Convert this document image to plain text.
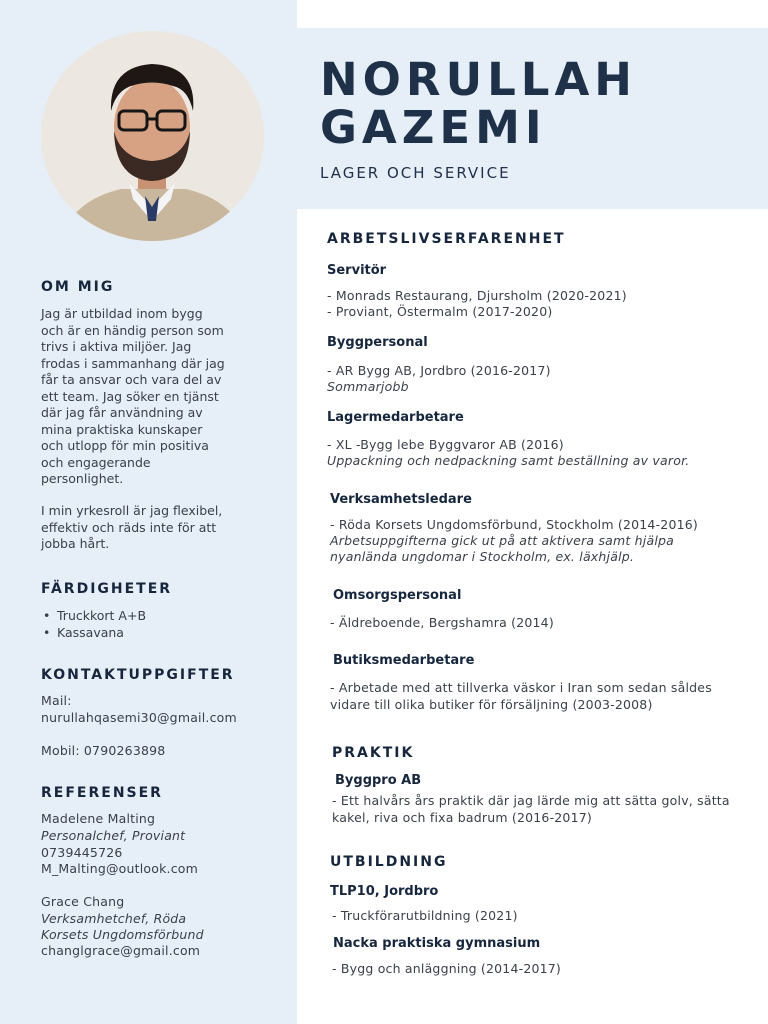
NORULLAH
GAZEMI

LAGER OCH SERVICE

OM MIG

Jag är utbildad inom bygg
och är en händig person som
trivs i aktiva miljöer. Jag
frodas i sammanhang där jag
får ta ansvar och vara del av
ett team. Jag söker en tjänst
där jag får användning av
mina praktiska kunskaper
och utlopp för min positiva
och engagerande
personlighet.

I min yrkesroll är jag flexibel,
effektiv och räds inte för att
jobba hårt.

FÄRDIGHETER

• Truckkort A+B
• Kassavana

KONTAKTUPPGIFTER

Mail:

nurullahqasemi30@gmail.com

Mobil: 0790263898

REFERENSER

Madelene Malting

Personalchef, Proviant

0739445726

M_Malting@outlook.com

Grace Chang

Verksamhetchef, Röda

Korsets Ungdomsförbund

changlgrace@gmail.com

ARBETSLIVSERFARENHET

Servitör

- Monrads Restaurang, Djursholm (2020-2021)

- Proviant, Östermalm (2017-2020)

Byggpersonal

- AR Bygg AB, Jordbro (2016-2017)

Sommarjobb

Lagermedarbetare

- XL -Bygg lebe Byggvaror AB (2016)

Uppackning och nedpackning samt beställning av varor.

Verksamhetsledare

- Röda Korsets Ungdomsförbund, Stockholm (2014-2016)

Arbetsuppgifterna gick ut på att aktivera samt hjälpa

nyanlända ungdomar i Stockholm, ex. läxhjälp.

Omsorgspersonal

- Äldreboende, Bergshamra (2014)

Butiksmedarbetare

- Arbetade med att tillverka väskor i Iran som sedan såldes

vidare till olika butiker för försäljning (2003-2008)

PRAKTIK

Byggpro AB

- Ett halvårs års praktik där jag lärde mig att sätta golv, sätta

kakel, riva och fixa badrum (2016-2017)

UTBILDNING

TLP10, Jordbro

- Truckförarutbildning (2021)

Nacka praktiska gymnasium

- Bygg och anläggning (2014-2017)
